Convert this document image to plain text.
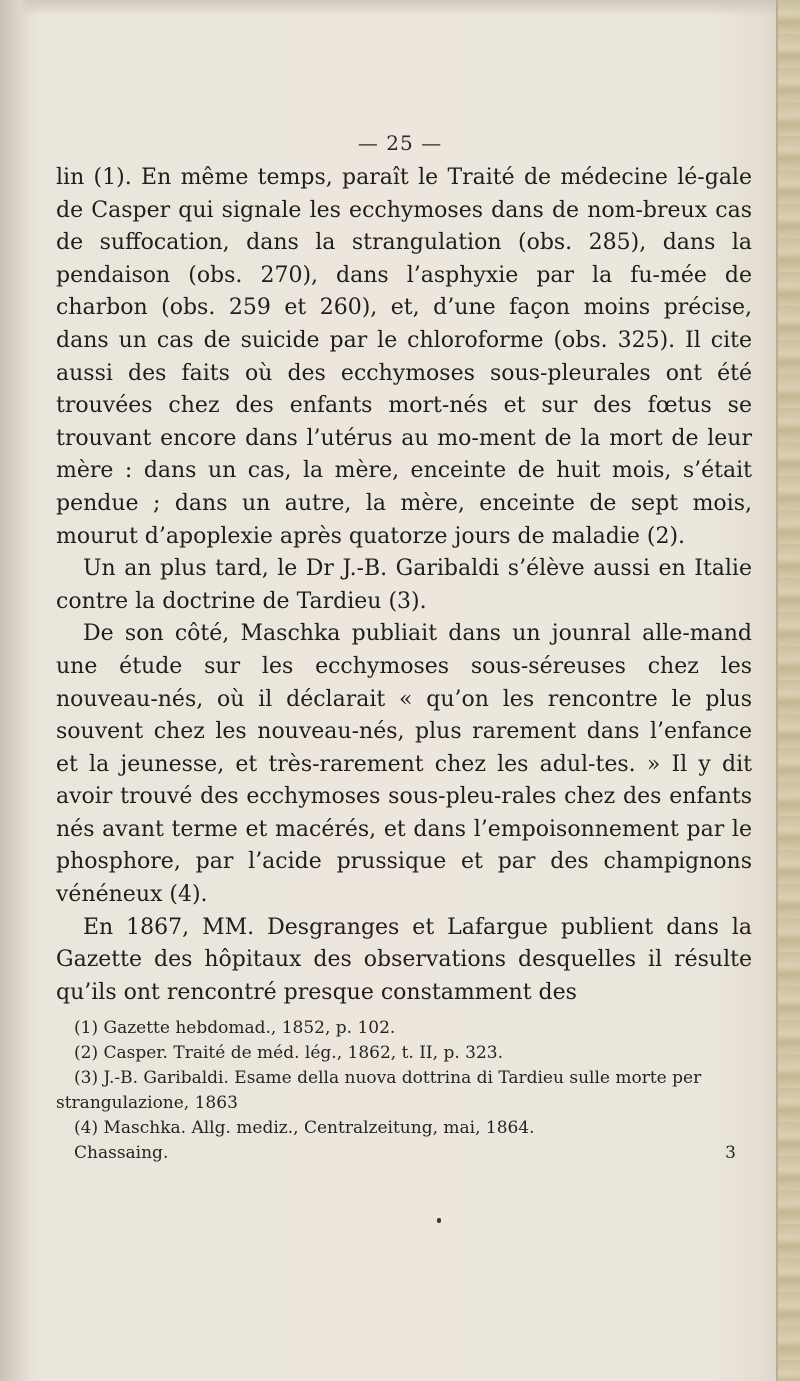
— 25 —

lin (1). En même temps, paraît le Traité de médecine lé-gale de Casper qui signale les ecchymoses dans de nom-breux cas de suffocation, dans la strangulation (obs. 285), dans la pendaison (obs. 270), dans l’asphyxie par la fu-mée de charbon (obs. 259 et 260), et, d’une façon moins précise, dans un cas de suicide par le chloroforme (obs. 325). Il cite aussi des faits où des ecchymoses sous-pleurales ont été trouvées chez des enfants mort-nés et sur des fœtus se trouvant encore dans l’utérus au mo-ment de la mort de leur mère : dans un cas, la mère, enceinte de huit mois, s’était pendue ; dans un autre, la mère, enceinte de sept mois, mourut d’apoplexie après quatorze jours de maladie (2).

Un an plus tard, le Dr J.-B. Garibaldi s’élève aussi en Italie contre la doctrine de Tardieu (3).

De son côté, Maschka publiait dans un jounral alle-mand une étude sur les ecchymoses sous-séreuses chez les nouveau-nés, où il déclarait « qu’on les rencontre le plus souvent chez les nouveau-nés, plus rarement dans l’enfance et la jeunesse, et très-rarement chez les adul-tes. » Il y dit avoir trouvé des ecchymoses sous-pleu-rales chez des enfants nés avant terme et macérés, et dans l’empoisonnement par le phosphore, par l’acide prussique et par des champignons vénéneux (4).

En 1867, MM. Desgranges et Lafargue publient dans la Gazette des hôpitaux des observations desquelles il résulte qu’ils ont rencontré presque constamment des

(1) Gazette hebdomad., 1852, p. 102.

(2) Casper. Traité de méd. lég., 1862, t. II, p. 323.

(3) J.-B. Garibaldi. Esame della nuova dottrina di Tardieu sulle morte per strangulazione, 1863

(4) Maschka. Allg. mediz., Centralzeitung, mai, 1864.

Chassaing.	3
